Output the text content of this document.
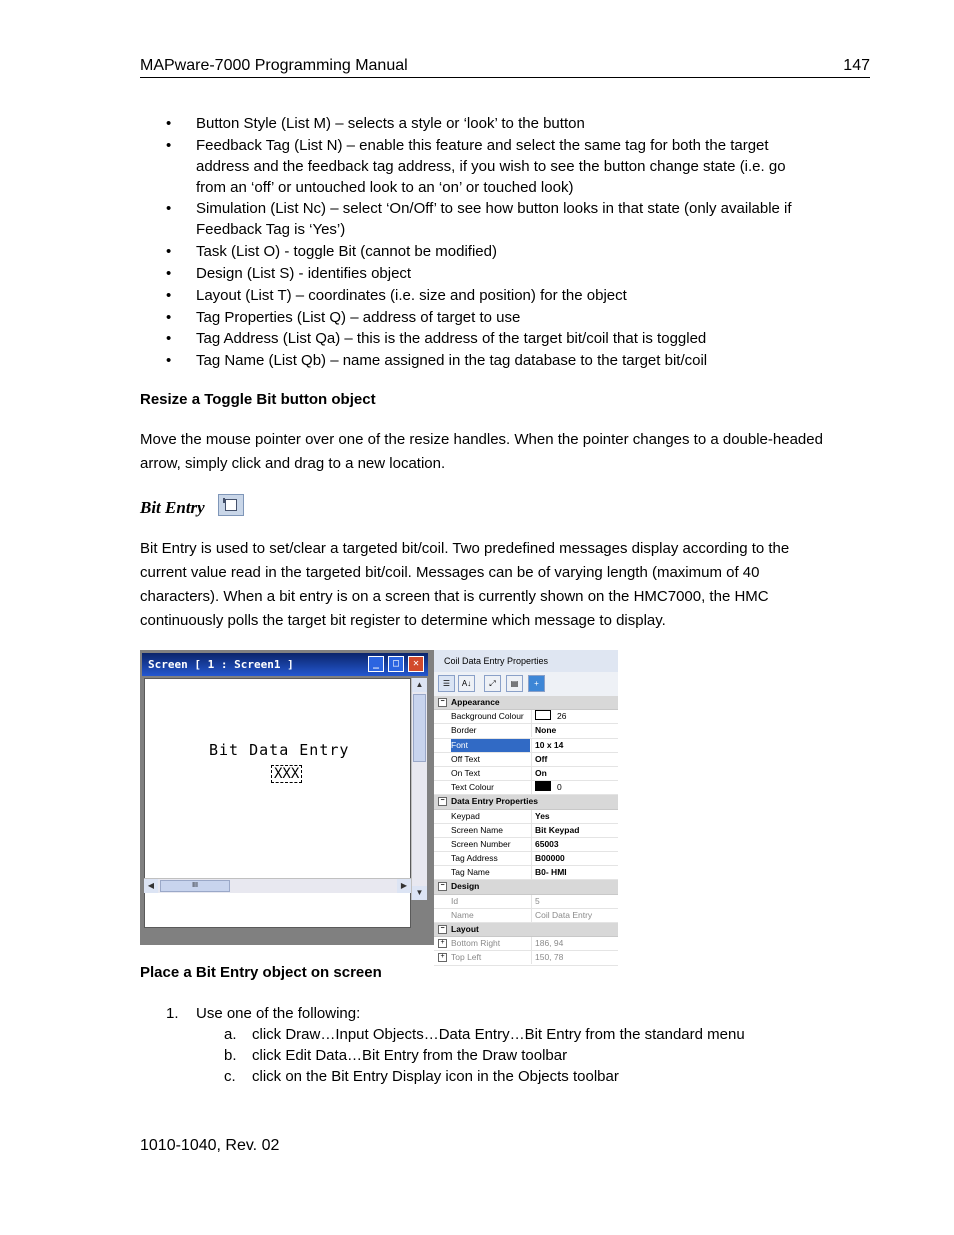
MAPware-7000 Programming Manual	147
• Button Style (List M) – selects a style or ‘look’ to the button
• Feedback Tag (List N) – enable this feature and select the same tag for both the target address and the feedback tag address, if you wish to see the button change state (i.e. go from an ‘off’ or untouched look to an ‘on’ or touched look)
• Simulation (List Nc) – select ‘On/Off’ to see how button looks in that state (only available if Feedback Tag is ‘Yes’)
• Task (List O) - toggle Bit (cannot be modified)
• Design (List S) - identifies object
• Layout (List T) – coordinates (i.e. size and position) for the object
• Tag Properties (List Q) – address of target to use
• Tag Address (List Qa) – this is the address of the target bit/coil that is toggled
• Tag Name (List Qb) – name assigned in the tag database to the target bit/coil
Resize a Toggle Bit button object
Move the mouse pointer over one of the resize handles. When the pointer changes to a double-headed arrow, simply click and drag to a new location.
Bit Entry
Bit Entry is used to set/clear a targeted bit/coil. Two predefined messages display according to the current value read in the targeted bit/coil. Messages can be of varying length (maximum of 40 characters). When a bit entry is on a screen that is currently shown on the HMC7000, the HMC continuously polls the target bit register to determine which message to display.
Screen [ 1 : Screen1 ]	_	□	✕
Bit Data Entry
XXX
▲
▼
◀	III	▶
Coil Data Entry Properties
☰	A↓	⤢	▤	+
− Appearance
Background Colour	26
Border	None
Font	10 x 14
Off Text	Off
On Text	On
Text Colour	0
− Data Entry Properties
Keypad	Yes
Screen Name	Bit Keypad
Screen Number	65003
Tag Address	B00000
Tag Name	B0- HMI
− Design
Id	5
Name	Coil Data Entry
− Layout
+ Bottom Right	186, 94
+ Top Left	150, 78
Place a Bit Entry object on screen
1. Use one of the following:
a. click Draw…Input Objects…Data Entry…Bit Entry from the standard menu
b. click Edit Data…Bit Entry from the Draw toolbar
c. click on the Bit Entry Display icon in the Objects toolbar
1010-1040, Rev. 02
